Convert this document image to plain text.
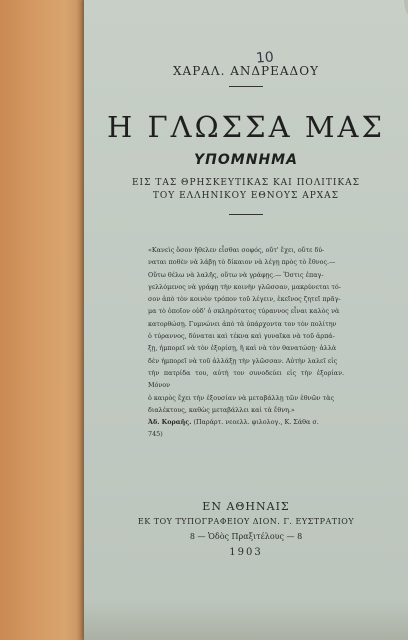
10
ΧΑΡΑΛ. ΑΝΔΡΕΑΔΟΥ
Η ΓΛΩΣΣΑ ΜΑΣ
ΥΠΟΜΝΗΜΑ
ΕΙΣ ΤΑΣ ΘΡΗΣΚΕΥΤΙΚΑΣ ΚΑΙ ΠΟΛΙΤΙΚΑΣ
ΤΟΥ ΕΛΛΗΝΙΚΟΥ ΕΘΝΟΥΣ ΑΡΧΑΣ

«Κανεὶς ὅσον ἤθελεν εἶσθαι σοφός, οὔτ' ἔχει, οὔτε δύ-

ναται ποθὲν νὰ λάβῃ τὸ δίκαιον νὰ λέγῃ πρὸς τὸ ἔθνος.—

Οὕτω θέλω νὰ λαλῆς, οὕτω νὰ γράφῃς.— Ὅστις ἐπαγ-

γελλόμενος νὰ γράφῃ τὴν κοινὴν γλῶσσαν, μακρύνεται τό-

σον ἀπὸ τὸν κοινὸν τρόπον τοῦ λέγειν, ἐκεῖνος ζητεῖ πρᾶγ-

μα τὸ ὁποῖον οὐδ' ὁ σκληρότατος τύραννος εἶναι καλὸς νὰ

κατορθώσῃ. Γυμνώνει ἀπὸ τὰ ὑπάρχοντα τον τὸν πολίτην

ὁ τύραννος, δύναται καὶ τέκνα καὶ γυναῖκα νὰ τοῦ ἁρπά-

ξῃ, ἠμπορεῖ νὰ τὸν ἐξορίσῃ, ἢ καὶ νὰ τὸν θανατώσῃ· ἀλλὰ

δὲν ἠμπορεῖ νὰ τοῦ ἀλλάξῃ τὴν γλῶσσαν. Αὐτὴν λαλεῖ εἰς

τὴν πατρίδα του, αὐτὴ τον συνοδεύει εἰς τὴν ἐξορίαν. Μόνον

ὁ καιρὸς ἔχει τὴν ἐξουσίαν νὰ μεταβάλλῃ τῶν ἐθνῶν τὰς

διαλέκτους, καθὼς μεταβάλλει καὶ τὰ ἔθνη.»

Ἀδ. Κοραῆς. (Παράρτ. νεοελλ. φιλολογ., Κ. Σάθα σ.

745)

ΕΝ ΑΘΗΝΑΙΣ
ΕΚ ΤΟΥ ΤΥΠΟΓΡΑΦΕΙΟΥ ΔΙΟΝ. Γ. ΕΥΣΤΡΑΤΙΟΥ
8 — Ὁδὸς Πραξιτέλους — 8
1903
